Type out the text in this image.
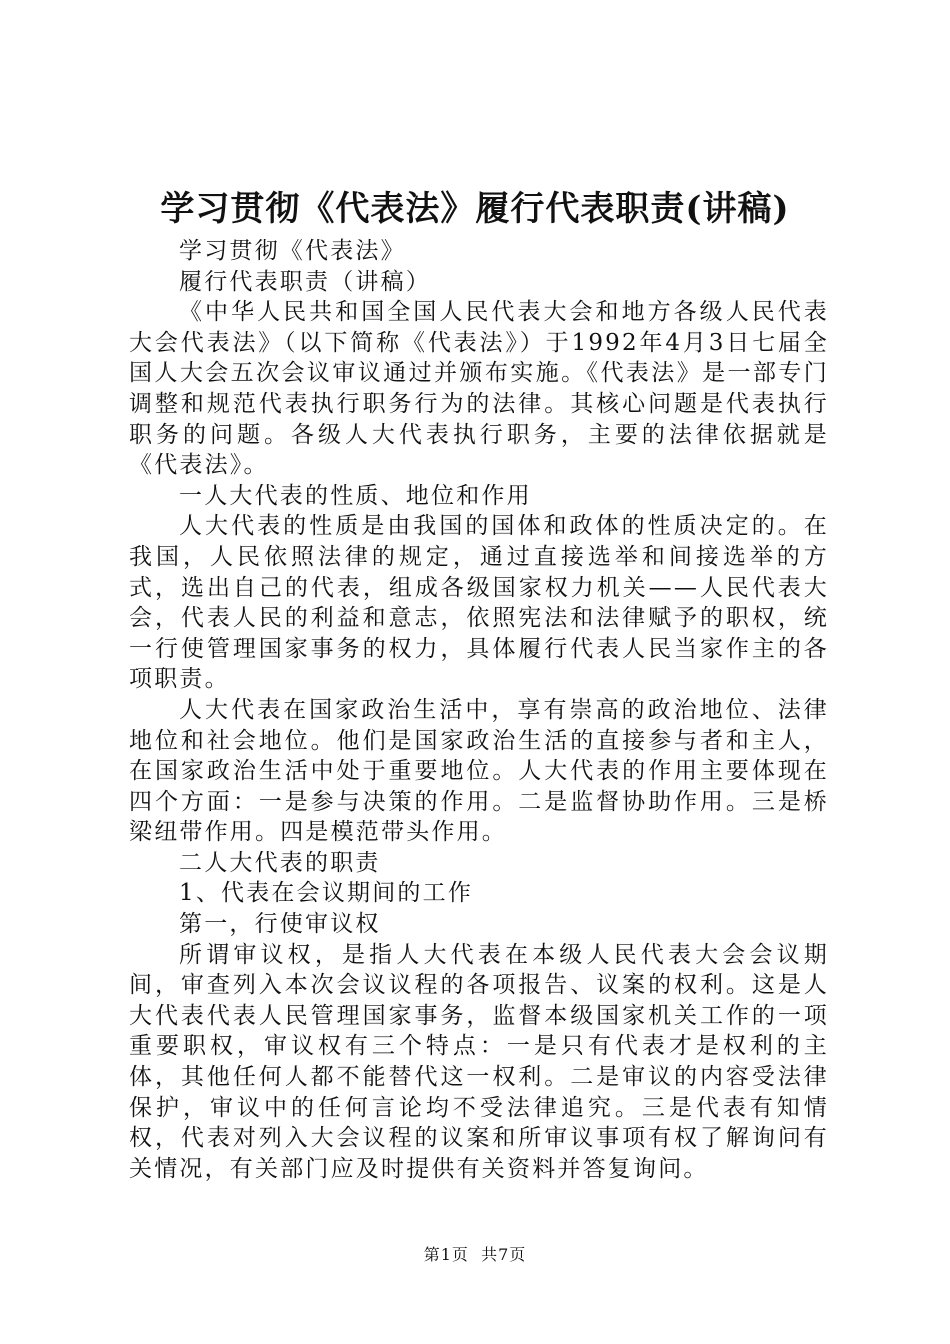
学习贯彻《代表法》履行代表职责(讲稿)

学习贯彻《代表法》

履行代表职责（讲稿）

《中华人民共和国全国人民代表大会和地方各级人民代表大会代表法》（以下简称《代表法》）于1992年4月3日七届全国人大会五次会议审议通过并颁布实施。《代表法》是一部专门调整和规范代表执行职务行为的法律。其核心问题是代表执行职务的问题。各级人大代表执行职务，主要的法律依据就是《代表法》。

一人大代表的性质、地位和作用

人大代表的性质是由我国的国体和政体的性质决定的。在我国，人民依照法律的规定，通过直接选举和间接选举的方式，选出自己的代表，组成各级国家权力机关——人民代表大会，代表人民的利益和意志，依照宪法和法律赋予的职权，统一行使管理国家事务的权力，具体履行代表人民当家作主的各项职责。

人大代表在国家政治生活中，享有崇高的政治地位、法律地位和社会地位。他们是国家政治生活的直接参与者和主人，在国家政治生活中处于重要地位。人大代表的作用主要体现在四个方面：一是参与决策的作用。二是监督协助作用。三是桥梁纽带作用。四是模范带头作用。

二人大代表的职责

1、代表在会议期间的工作

第一，行使审议权

所谓审议权，是指人大代表在本级人民代表大会会议期间，审查列入本次会议议程的各项报告、议案的权利。这是人大代表代表人民管理国家事务，监督本级国家机关工作的一项重要职权，审议权有三个特点：一是只有代表才是权利的主体，其他任何人都不能替代这一权利。二是审议的内容受法律保护，审议中的任何言论均不受法律追究。三是代表有知情权，代表对列入大会议程的议案和所审议事项有权了解询问有关情况，有关部门应及时提供有关资料并答复询问。

第1页  共7页
